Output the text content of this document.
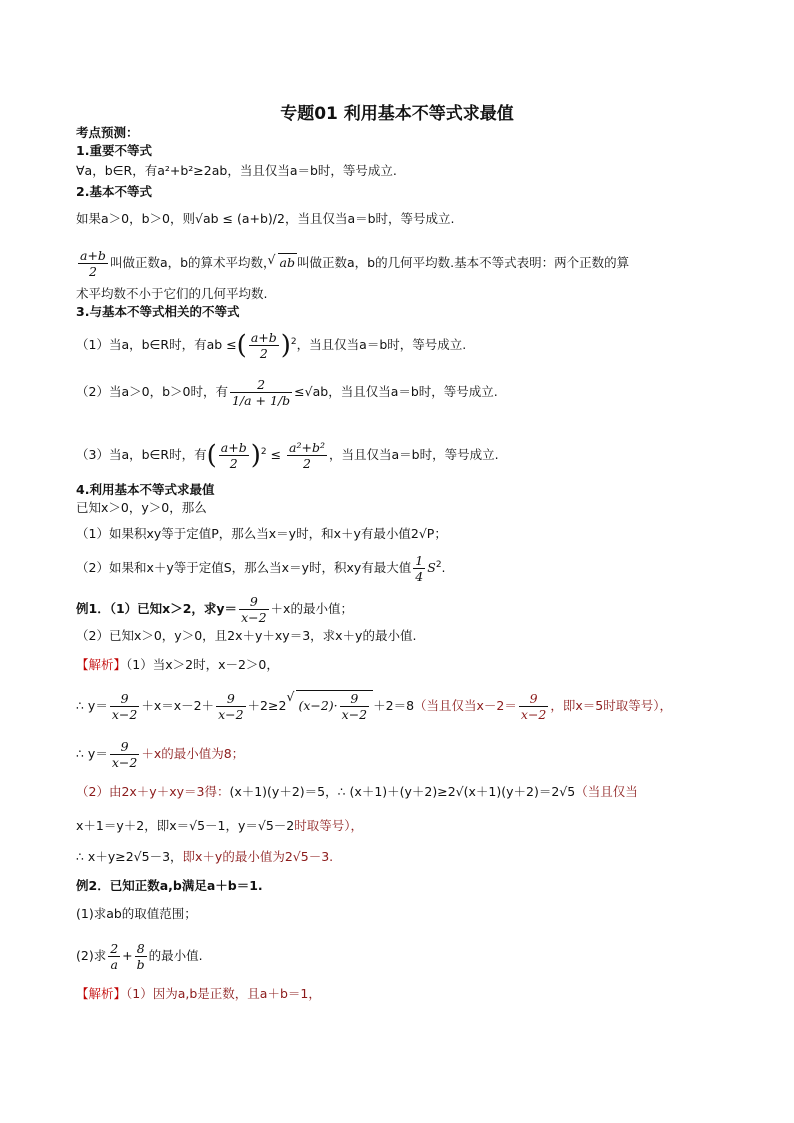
专题01 利用基本不等式求最值
考点预测：
1.重要不等式
∀a，b∈R，有a²+b²≥2ab，当且仅当a＝b时，等号成立.
2.基本不等式
如果a＞0，b＞0，则√ab ≤ (a+b)/2，当且仅当a＝b时，等号成立.
$\frac{a+b}{2}$ 叫做正数a，b的算术平均数，√ ab 叫做正数a，b的几何平均数.基本不等式表明：两个正数的算
术平均数不小于它们的几何平均数.
3.与基本不等式相关的不等式
（1）当a，b∈R时，有ab ≤( $\frac{a+b}{2} )^2$，当且仅当a＝b时，等号成立.
（2）当a＞0，b＞0时，有 $\frac{2}{1/a + 1/b} \le√ab$，当且仅当a＝b时，等号成立.
（3）当a，b∈R时，有( $\frac{a+b}{2} )^2 \le \frac{\text{a²+b²}}{2}$ ，当且仅当a＝b时，等号成立.
4.利用基本不等式求最值
已知x＞0，y＞0，那么
（1）如果积xy等于定值P，那么当x＝y时，和x＋y有最小值2√P；
（2）如果和x＋y等于定值S，那么当x＝y时，积xy有最大值 $\frac{1}{4} S^2$.
例1．（1）已知x＞2，求$y= \frac{9}{x-2} +x$的最小值；
（2）已知x＞0，y＞0，且2x＋y＋xy＝3，求x＋y的最小值.
【解析】（1）当x＞2时，x－2＞0，
∴ $y= \frac{9}{x-2} +x=x-2+ \frac{9}{x-2} +2\ge 2√$ $(x-2)\cdot \frac{9}{x-2} +2=8$（当且仅当$x-2= \frac{9}{x-2}$ ，即x＝5时取等号），
∴ $y= \frac{9}{x-2} +x$的最小值为8；
（2）由2x＋y＋xy＝3得：(x＋1)(y＋2)＝5，∴ (x＋1)＋(y＋2)≥2√(x＋1)(y＋2)＝2√5（当且仅当
x＋1＝y＋2，即x＝√5－1，y＝√5－2时取等号），
∴ x＋y≥2√5－3，即x＋y的最小值为2√5－3.
例2．已知正数a,b满足a＋b＝1.
(1)求ab的取值范围；
(2)求 $\frac{2}{a} + \frac{8}{b}$ 的最小值.
【解析】（1）因为a,b是正数，且a＋b＝1，
